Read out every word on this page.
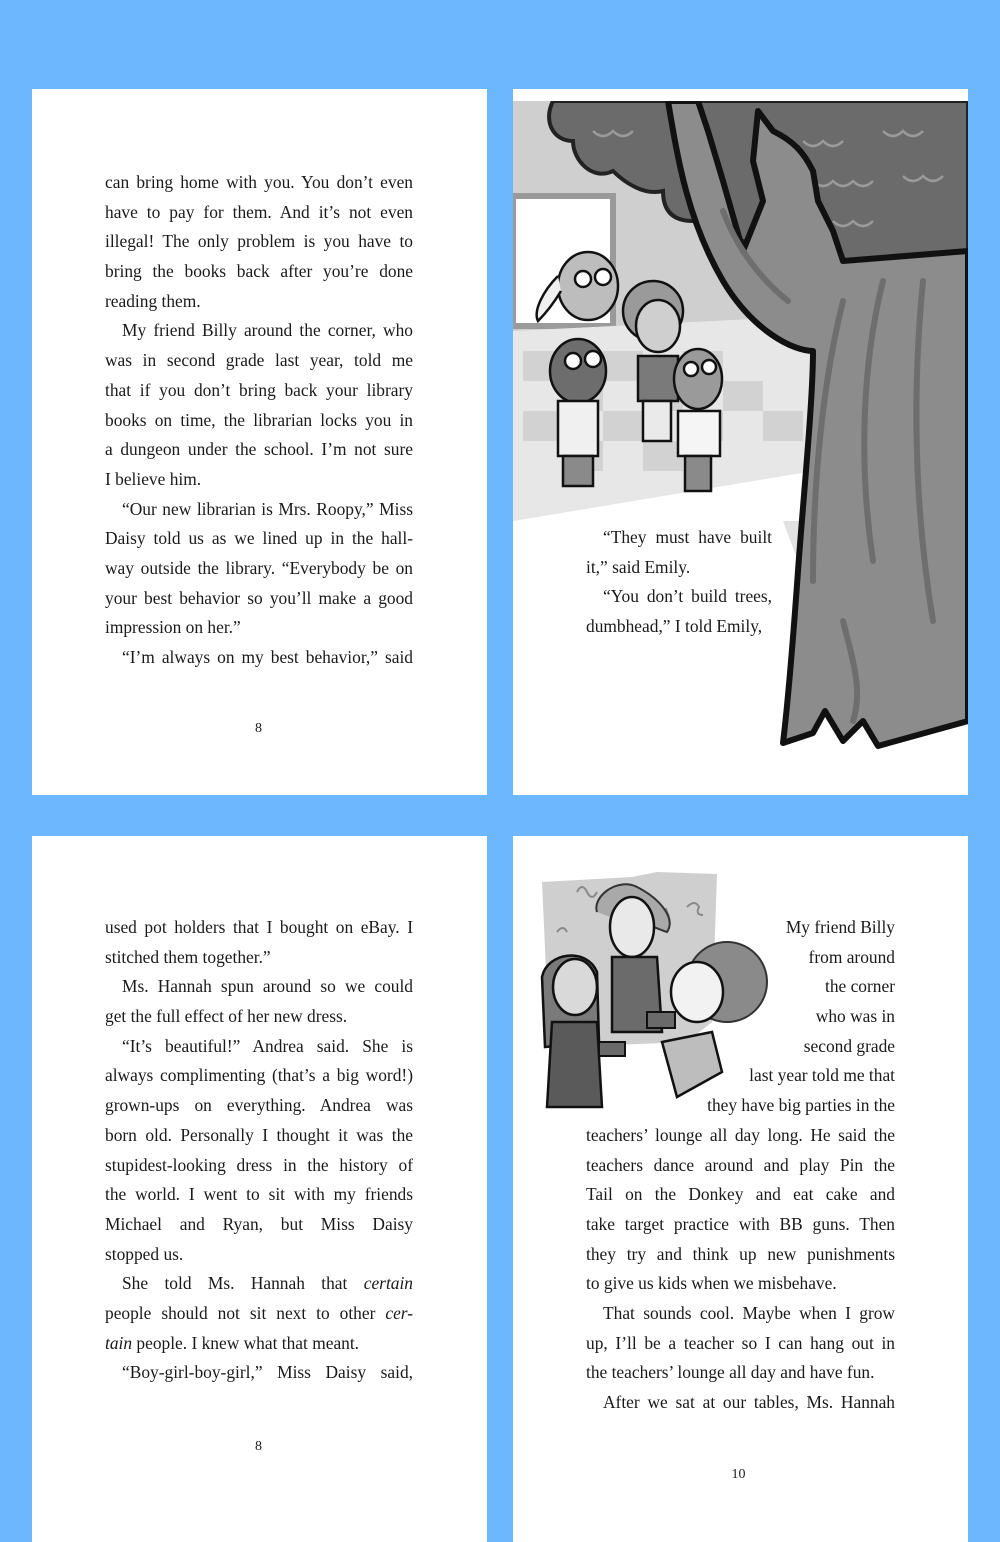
can bring home with you. You don’t even
have to pay for them. And it’s not even
illegal! The only problem is you have to
bring the books back after you’re done
reading them.
My friend Billy around the corner, who
was in second grade last year, told me
that if you don’t bring back your library
books on time, the librarian locks you in
a dungeon under the school. I’m not sure
I believe him.
“Our new librarian is Mrs. Roopy,” Miss
Daisy told us as we lined up in the hall-
way outside the library. “Everybody be on
your best behavior so you’ll make a good
impression on her.”
“I’m always on my best behavior,” said
8
“They must have built
it,” said Emily.
“You don’t build trees,
dumbhead,” I told Emily,
used pot holders that I bought on eBay. I
stitched them together.”
Ms. Hannah spun around so we could
get the full effect of her new dress.
“It’s beautiful!” Andrea said. She is
always complimenting (that’s a big word!)
grown-ups on everything. Andrea was
born old. Personally I thought it was the
stupidest-looking dress in the history of
the world. I went to sit with my friends
Michael and Ryan, but Miss Daisy
stopped us.
She told Ms. Hannah that certain
people should not sit next to other cer-
tain people. I knew what that meant.
“Boy-girl-boy-girl,” Miss Daisy said,
8
My friend Billy
from around
the corner
who was in
second grade
last year told me that
they have big parties in the
teachers’ lounge all day long. He said the
teachers dance around and play Pin the
Tail on the Donkey and eat cake and
take target practice with BB guns. Then
they try and think up new punishments
to give us kids when we misbehave.
That sounds cool. Maybe when I grow
up, I’ll be a teacher so I can hang out in
the teachers’ lounge all day and have fun.
After we sat at our tables, Ms. Hannah
10
